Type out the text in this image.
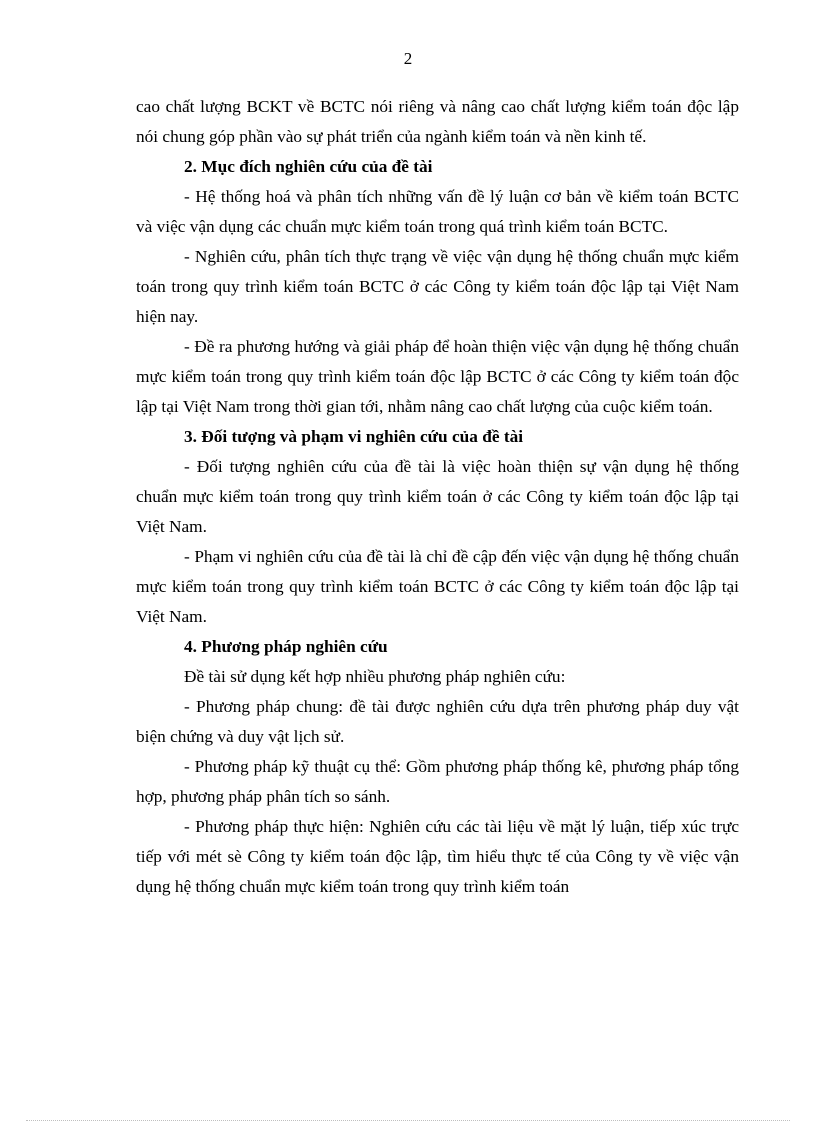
2

cao chất lượng BCKT về BCTC nói riêng và nâng cao chất lượng kiểm toán độc lập nói chung góp phần vào sự phát triển của ngành kiểm toán và nền kinh tế.

2. Mục đích nghiên cứu của đề tài

- Hệ thống hoá và phân tích những vấn đề lý luận cơ bản về kiểm toán BCTC và việc vận dụng các chuẩn mực kiểm toán trong quá trình kiểm toán BCTC.

- Nghiên cứu, phân tích thực trạng về việc vận dụng hệ thống chuẩn mực kiểm toán trong quy trình kiểm toán BCTC ở các Công ty kiểm toán độc lập tại Việt Nam hiện nay.

- Đề ra phương hướng và giải pháp để hoàn thiện việc vận dụng hệ thống chuẩn mực kiểm toán trong quy trình kiểm toán độc lập BCTC ở các Công ty kiểm toán độc lập tại Việt Nam trong thời gian tới, nhằm nâng cao chất lượng của cuộc kiểm toán.

3. Đối tượng và phạm vi nghiên cứu của đề tài

- Đối tượng nghiên cứu của đề tài là việc hoàn thiện sự vận dụng hệ thống chuẩn mực kiểm toán trong quy trình kiểm toán ở các Công ty kiểm toán độc lập tại Việt Nam.

- Phạm vi nghiên cứu của đề tài là chỉ đề cập đến việc vận dụng hệ thống chuẩn mực kiểm toán trong quy trình kiểm toán BCTC ở các Công ty kiểm toán độc lập tại Việt Nam.

4. Phương pháp nghiên cứu

Đề tài sử dụng kết hợp nhiều phương pháp nghiên cứu:

- Phương pháp chung: đề tài được nghiên cứu dựa trên phương pháp duy vật biện chứng và duy vật lịch sử.

- Phương pháp kỹ thuật cụ thể: Gồm phương pháp thống kê, phương pháp tổng hợp, phương pháp phân tích so sánh.

- Phương pháp thực hiện: Nghiên cứu các tài liệu về mặt lý luận, tiếp xúc trực tiếp với mét sè Công ty kiểm toán độc lập, tìm hiểu thực tế của Công ty về việc vận dụng hệ thống chuẩn mực kiểm toán trong quy trình kiểm toán
